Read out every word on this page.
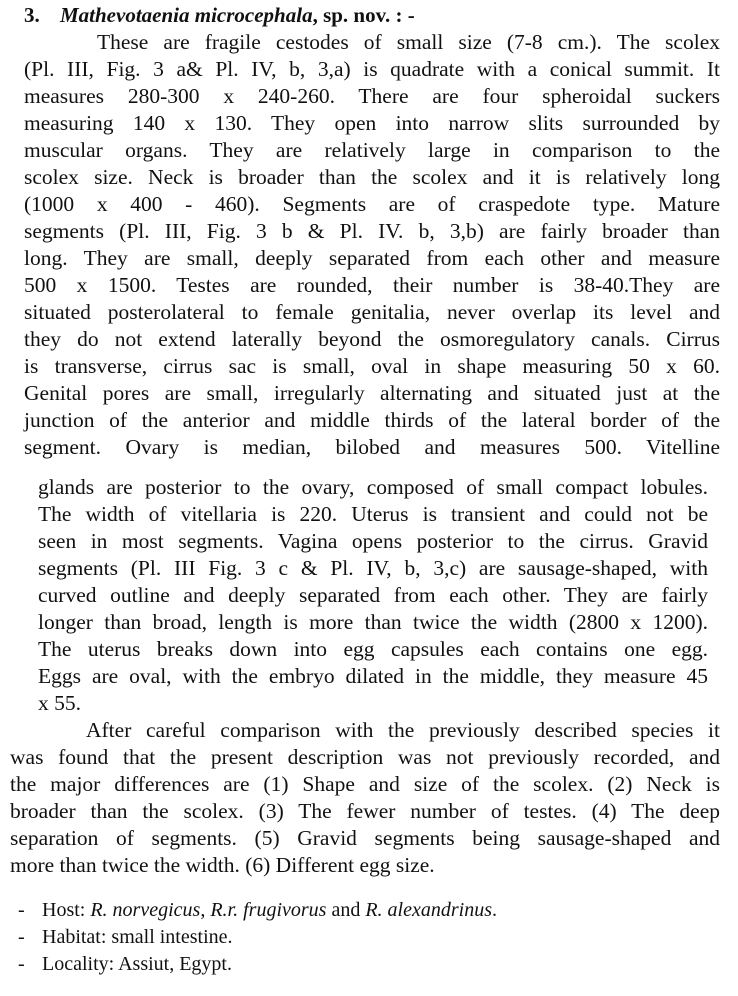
3. Mathevotaenia microcephala, sp. nov. : -
These are fragile cestodes of small size (7-8 cm.). The scolex
(Pl. III, Fig. 3 a& Pl. IV, b, 3,a) is quadrate with a conical summit. It
measures 280-300 x 240-260. There are four spheroidal suckers
measuring 140 x 130. They open into narrow slits surrounded by
muscular organs. They are relatively large in comparison to the
scolex size. Neck is broader than the scolex and it is relatively long
(1000 x 400 - 460). Segments are of craspedote type. Mature
segments (Pl. III, Fig. 3 b & Pl. IV. b, 3,b) are fairly broader than
long. They are small, deeply separated from each other and measure
500 x 1500. Testes are rounded, their number is 38-40.They are
situated posterolateral to female genitalia, never overlap its level and
they do not extend laterally beyond the osmoregulatory canals. Cirrus
is transverse, cirrus sac is small, oval in shape measuring 50 x 60.
Genital pores are small, irregularly alternating and situated just at the
junction of the anterior and middle thirds of the lateral border of the
segment. Ovary is median, bilobed and measures 500. Vitelline
glands are posterior to the ovary, composed of small compact lobules.
The width of vitellaria is 220. Uterus is transient and could not be
seen in most segments. Vagina opens posterior to the cirrus. Gravid
segments (Pl. III Fig. 3 c & Pl. IV, b, 3,c) are sausage-shaped, with
curved outline and deeply separated from each other. They are fairly
longer than broad, length is more than twice the width (2800 x 1200).
The uterus breaks down into egg capsules each contains one egg.
Eggs are oval, with the embryo dilated in the middle, they measure 45
x 55.
After careful comparison with the previously described species it
was found that the present description was not previously recorded, and
the major differences are (1) Shape and size of the scolex. (2) Neck is
broader than the scolex. (3) The fewer number of testes. (4) The deep
separation of segments. (5) Gravid segments being sausage-shaped and
more than twice the width. (6) Different egg size.
- Host: R. norvegicus, R.r. frugivorus and R. alexandrinus.
- Habitat: small intestine.
- Locality: Assiut, Egypt.
